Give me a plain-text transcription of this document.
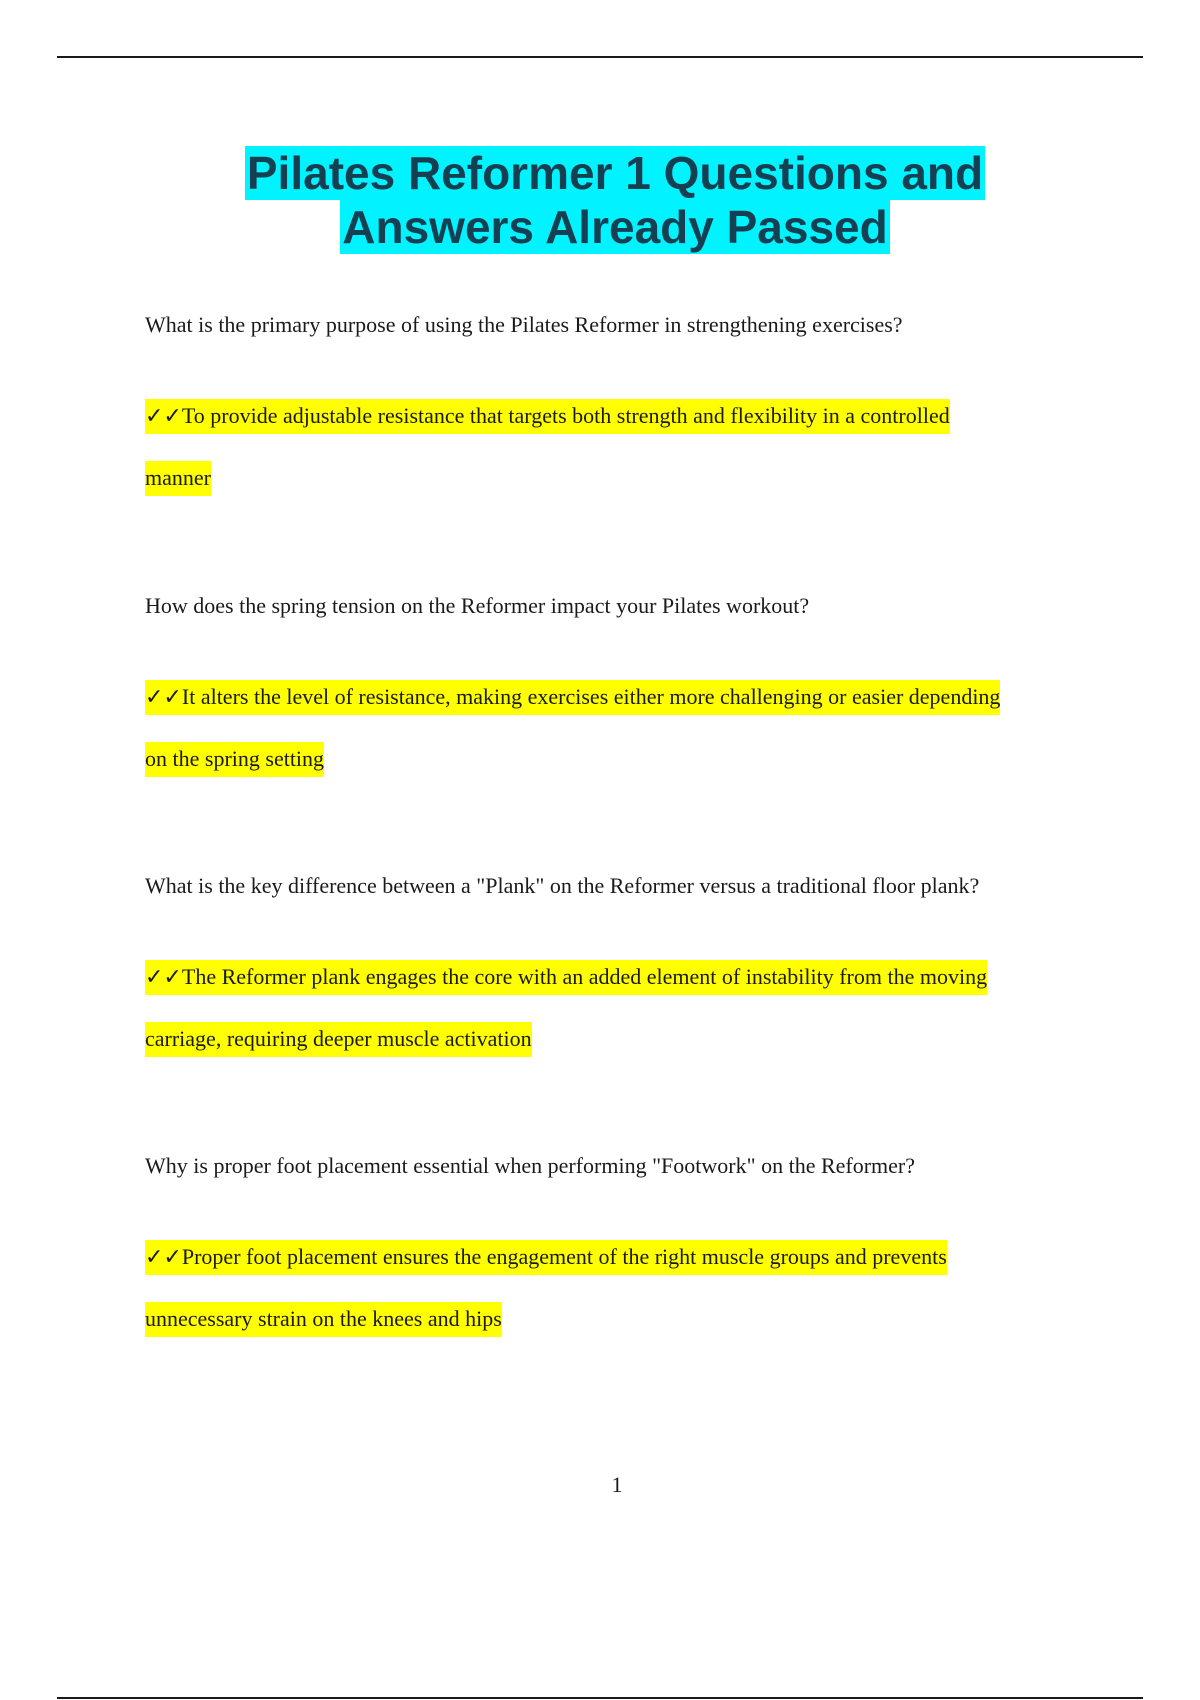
Pilates Reformer 1 Questions and
Answers Already Passed
What is the primary purpose of using the Pilates Reformer in strengthening exercises?
✓✓To provide adjustable resistance that targets both strength and flexibility in a controlled
manner
How does the spring tension on the Reformer impact your Pilates workout?
✓✓It alters the level of resistance, making exercises either more challenging or easier depending
on the spring setting
What is the key difference between a "Plank" on the Reformer versus a traditional floor plank?
✓✓The Reformer plank engages the core with an added element of instability from the moving
carriage, requiring deeper muscle activation
Why is proper foot placement essential when performing "Footwork" on the Reformer?
✓✓Proper foot placement ensures the engagement of the right muscle groups and prevents
unnecessary strain on the knees and hips
1
